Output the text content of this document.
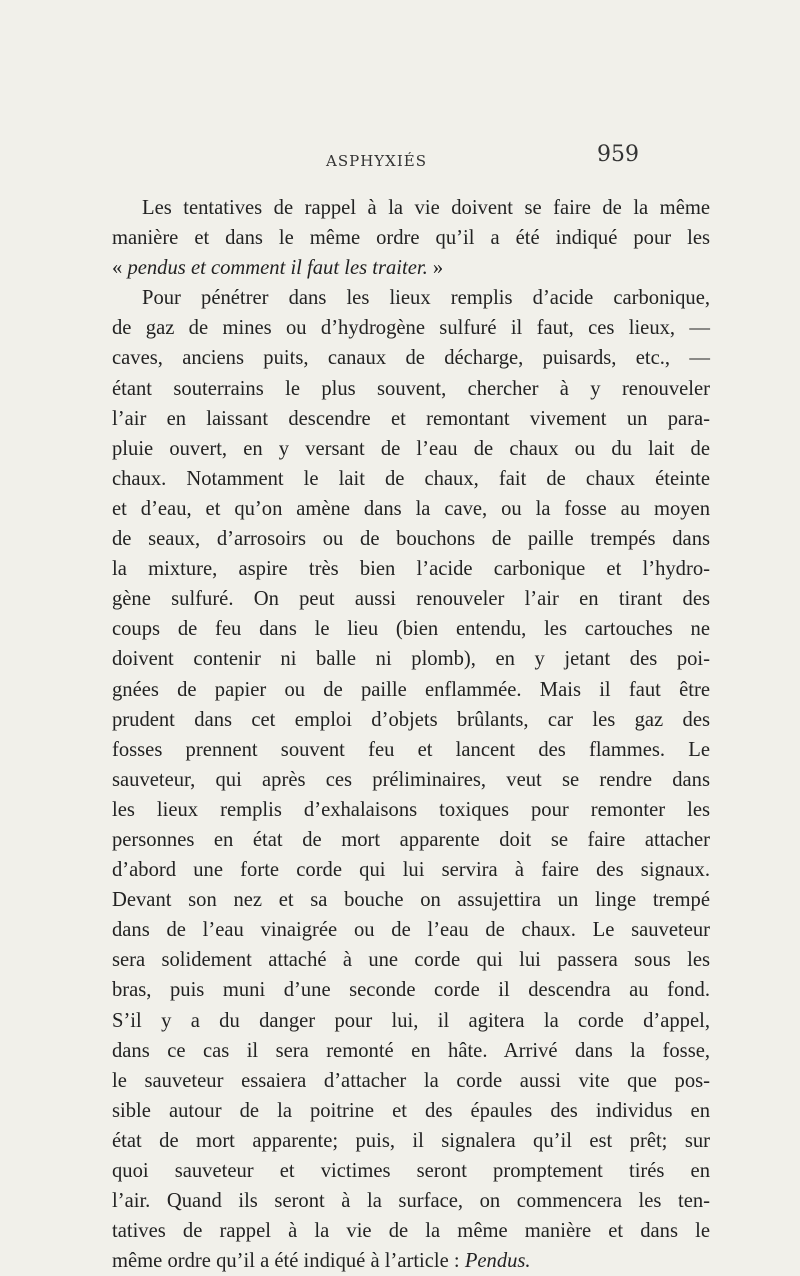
ASPHYXIÉS	959
Les tentatives de rappel à la vie doivent se faire de la même
manière et dans le même ordre qu’il a été indiqué pour les
« pendus et comment il faut les traiter. »
Pour pénétrer dans les lieux remplis d’acide carbonique,
de gaz de mines ou d’hydrogène sulfuré il faut, ces lieux, —
caves, anciens puits, canaux de décharge, puisards, etc., —
étant souterrains le plus souvent, chercher à y renouveler
l’air en laissant descendre et remontant vivement un para-
pluie ouvert, en y versant de l’eau de chaux ou du lait de
chaux. Notamment le lait de chaux, fait de chaux éteinte
et d’eau, et qu’on amène dans la cave, ou la fosse au moyen
de seaux, d’arrosoirs ou de bouchons de paille trempés dans
la mixture, aspire très bien l’acide carbonique et l’hydro-
gène sulfuré. On peut aussi renouveler l’air en tirant des
coups de feu dans le lieu (bien entendu, les cartouches ne
doivent contenir ni balle ni plomb), en y jetant des poi-
gnées de papier ou de paille enflammée. Mais il faut être
prudent dans cet emploi d’objets brûlants, car les gaz des
fosses prennent souvent feu et lancent des flammes. Le
sauveteur, qui après ces préliminaires, veut se rendre dans
les lieux remplis d’exhalaisons toxiques pour remonter les
personnes en état de mort apparente doit se faire attacher
d’abord une forte corde qui lui servira à faire des signaux.
Devant son nez et sa bouche on assujettira un linge trempé
dans de l’eau vinaigrée ou de l’eau de chaux. Le sauveteur
sera solidement attaché à une corde qui lui passera sous les
bras, puis muni d’une seconde corde il descendra au fond.
S’il y a du danger pour lui, il agitera la corde d’appel,
dans ce cas il sera remonté en hâte. Arrivé dans la fosse,
le sauveteur essaiera d’attacher la corde aussi vite que pos-
sible autour de la poitrine et des épaules des individus en
état de mort apparente; puis, il signalera qu’il est prêt; sur
quoi sauveteur et victimes seront promptement tirés en
l’air. Quand ils seront à la surface, on commencera les ten-
tatives de rappel à la vie de la même manière et dans le
même ordre qu’il a été indiqué à l’article : Pendus.
